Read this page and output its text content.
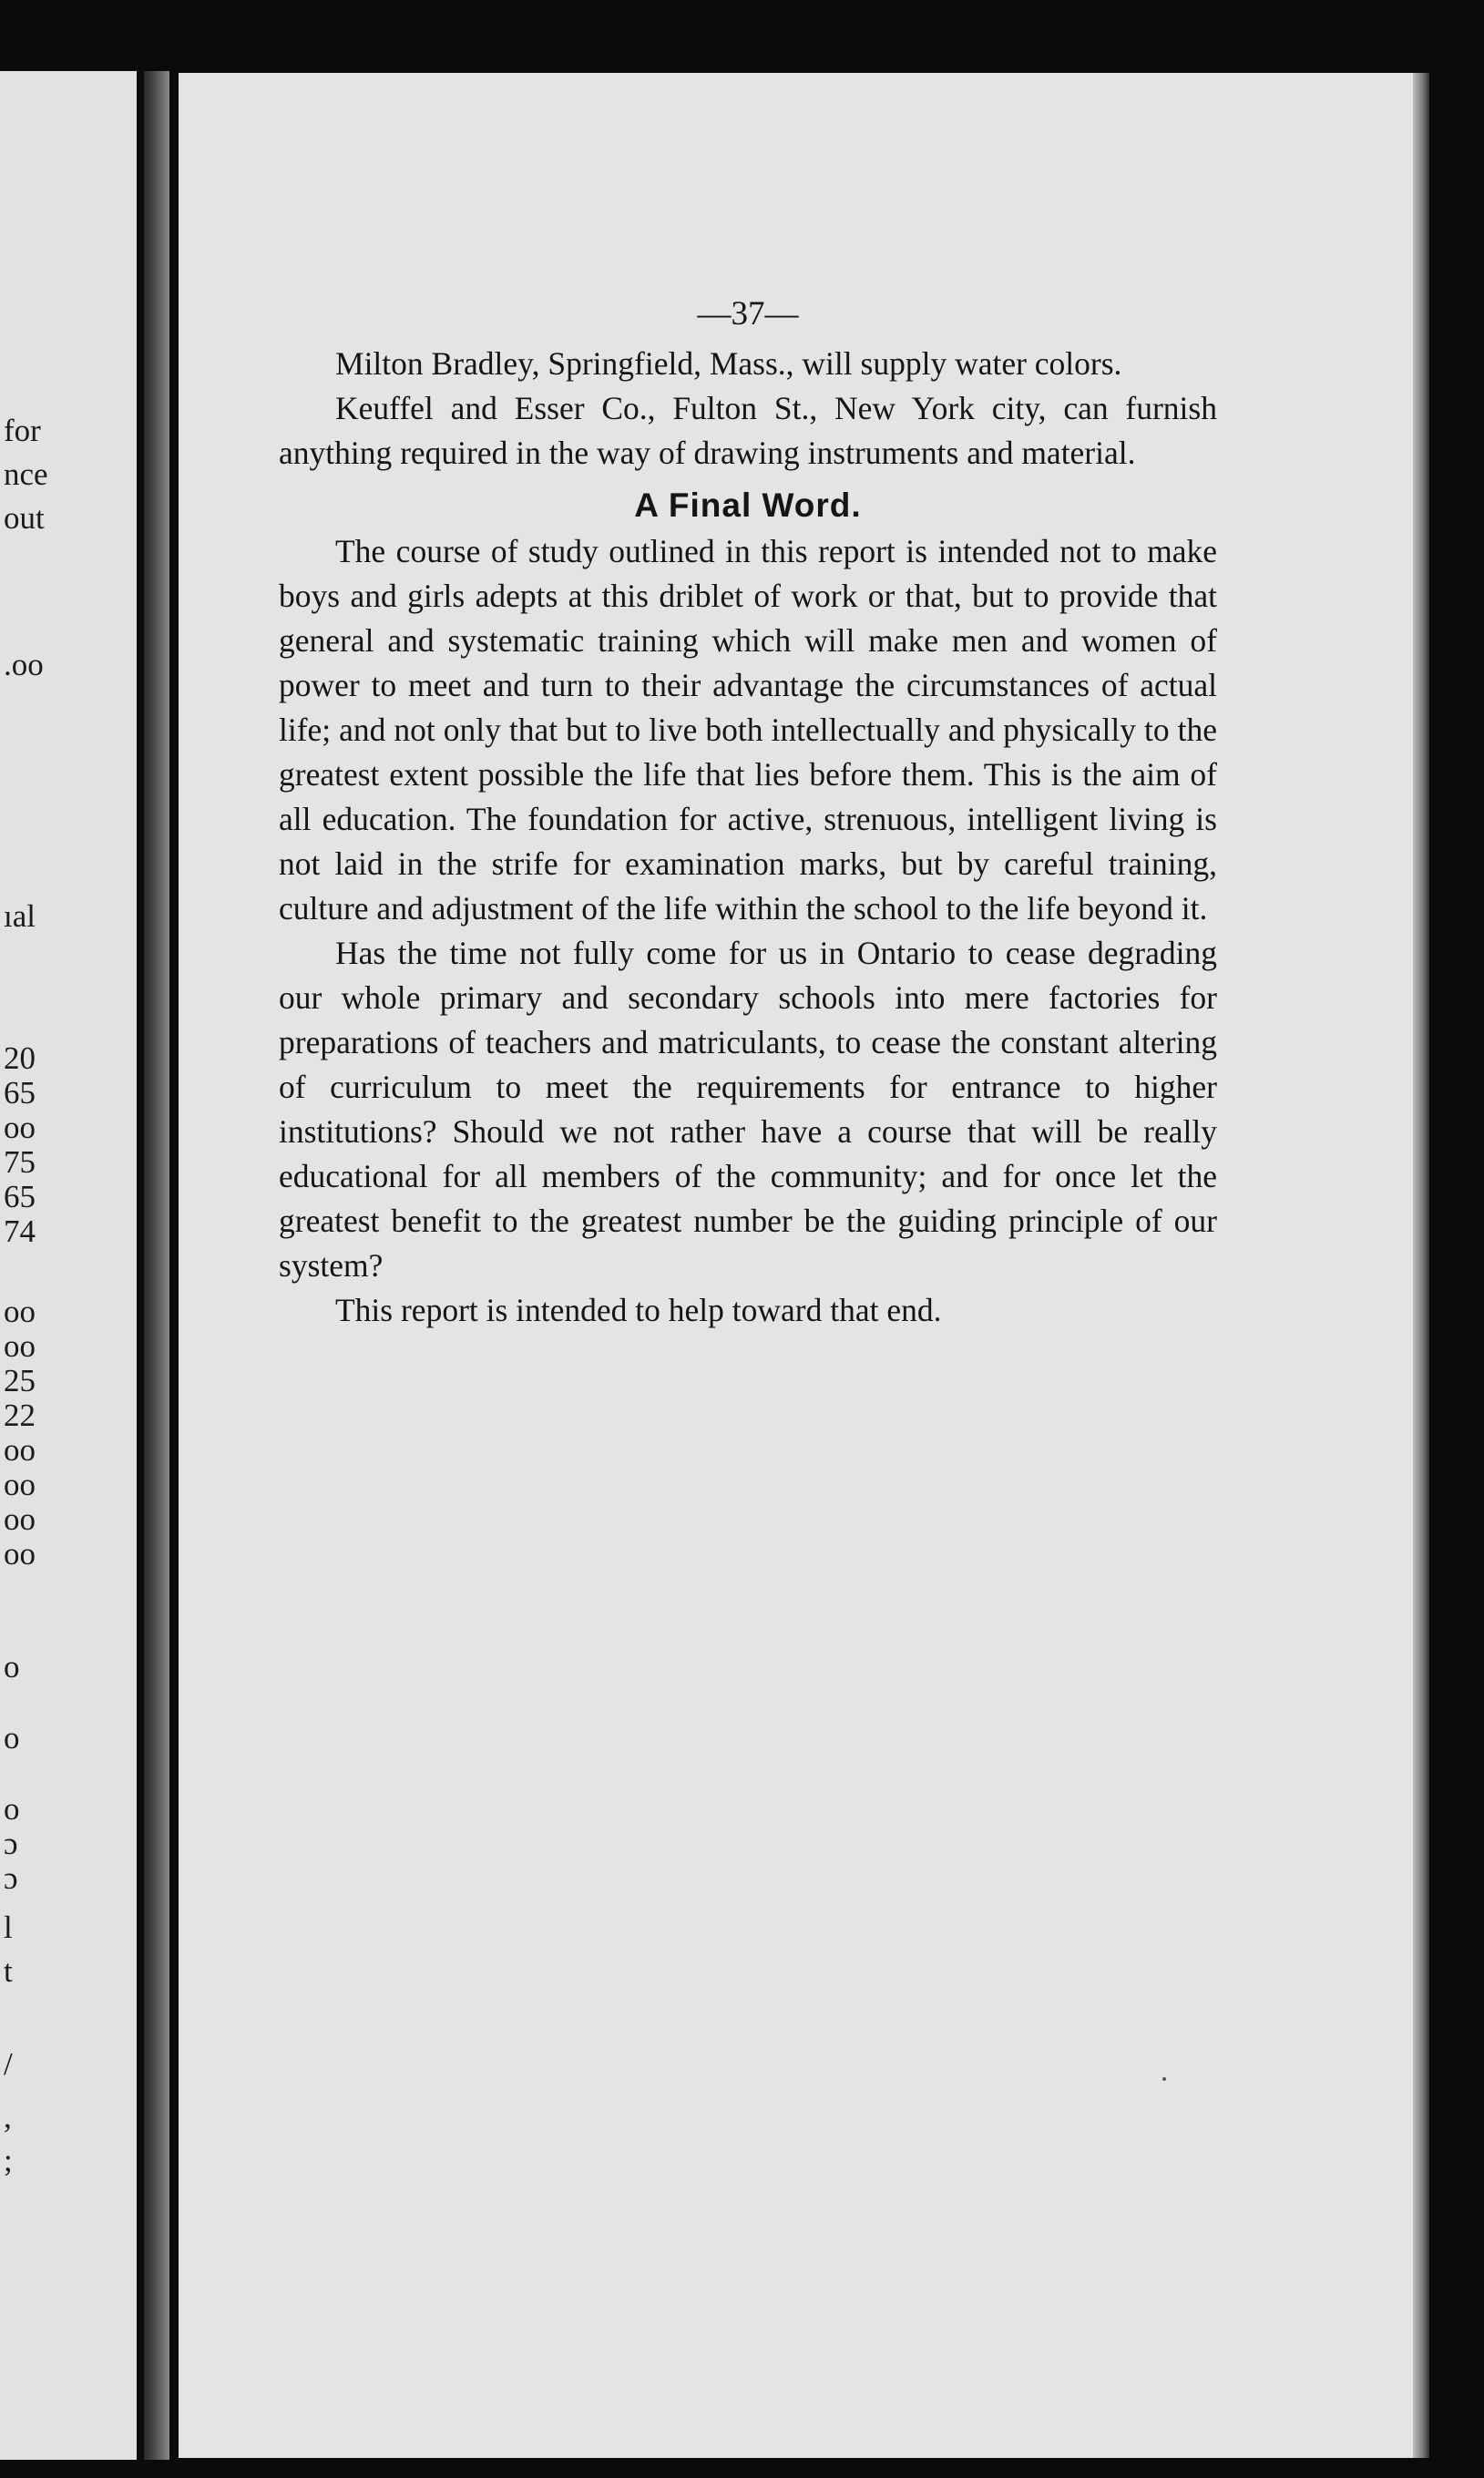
for
nce
out
.oo
ıal
20
65
oo
75
65
74
oo
oo
25
22
oo
oo
oo
oo
o
o
o
ɔ
ɔ
l
t
/
,
;
—37—

Milton Bradley, Springfield, Mass., will supply water colors.

Keuffel and Esser Co., Fulton St., New York city, can furnish anything required in the way of drawing instruments and material.

A Final Word.

The course of study outlined in this report is intended not to make boys and girls adepts at this driblet of work or that, but to provide that general and systematic training which will make men and women of power to meet and turn to their advantage the circumstances of actual life; and not only that but to live both intellectually and physically to the greatest extent possible the life that lies before them. This is the aim of all education. The foundation for active, strenuous, intelligent living is not laid in the strife for examination marks, but by careful training, culture and adjustment of the life within the school to the life beyond it.

Has the time not fully come for us in Ontario to cease degrading our whole primary and secondary schools into mere factories for preparations of teachers and matriculants, to cease the constant altering of curriculum to meet the requirements for entrance to higher institutions? Should we not rather have a course that will be really educational for all members of the community; and for once let the greatest benefit to the greatest number be the guiding principle of our system?

This report is intended to help toward that end.
